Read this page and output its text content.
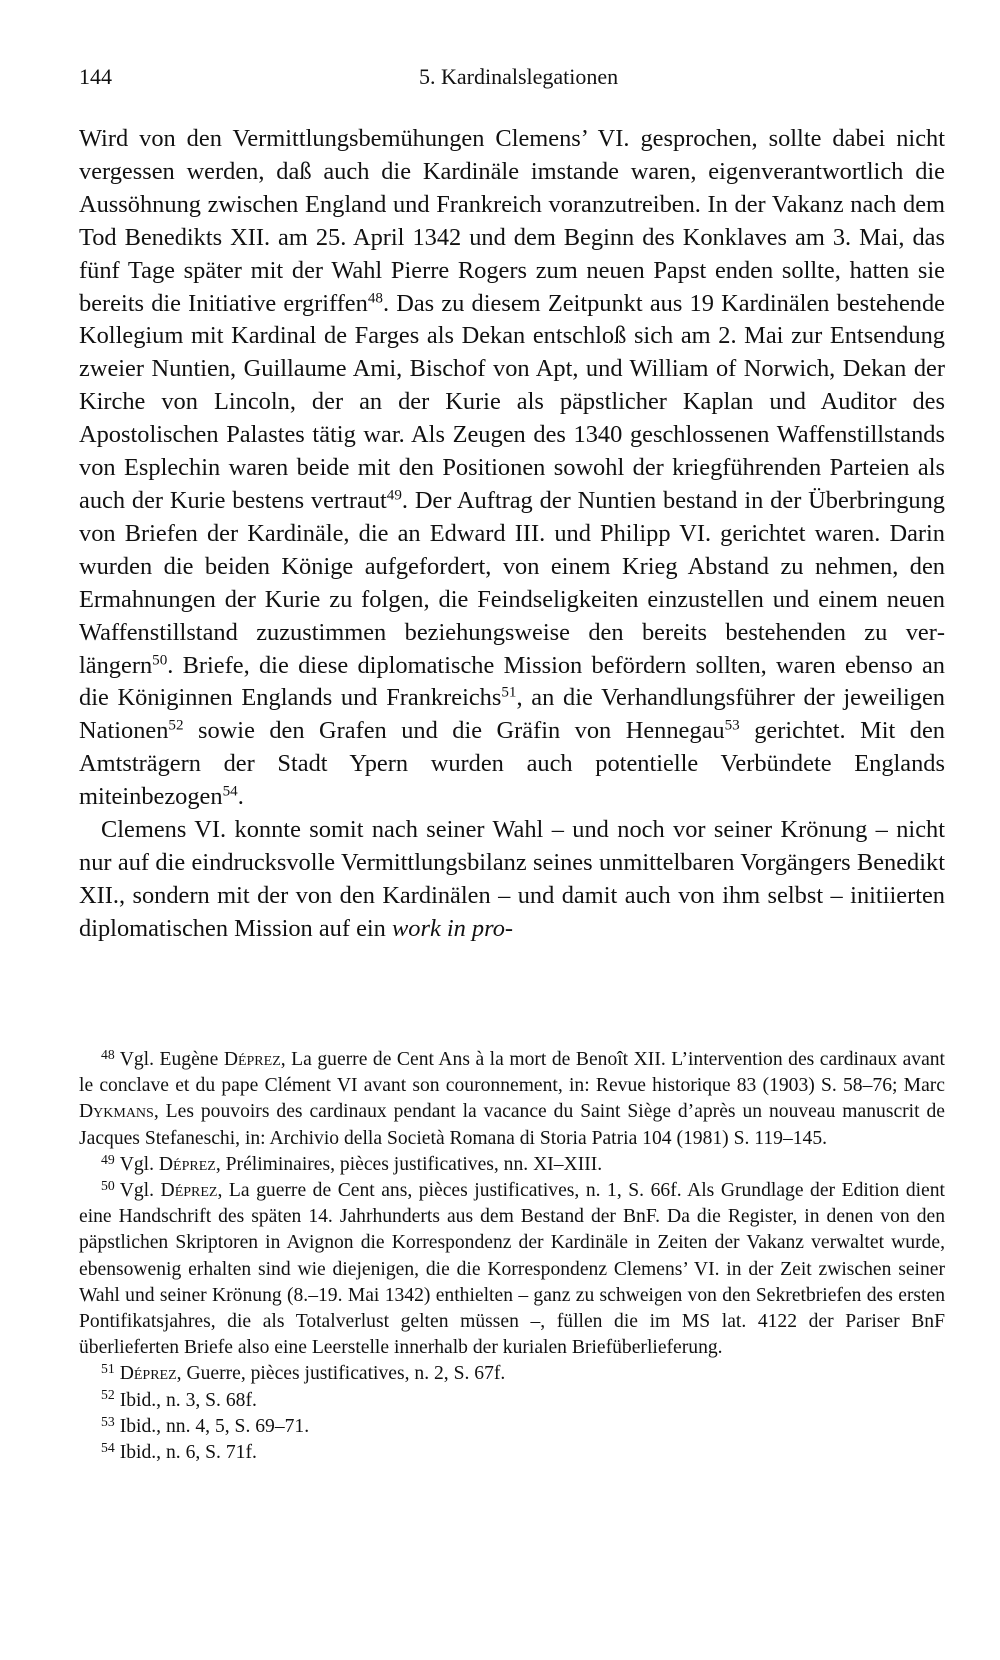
144	5. Kardinalslegationen

Wird von den Vermittlungsbemühungen Clemens’ VI. gesprochen, sollte dabei nicht vergessen werden, daß auch die Kardinäle imstande waren, eigenverantwortlich die Aussöhnung zwischen England und Frankreich voranzutreiben. In der Vakanz nach dem Tod Benedikts XII. am 25. April 1342 und dem Beginn des Konklaves am 3. Mai, das fünf Tage später mit der Wahl Pierre Rogers zum neuen Papst enden sollte, hatten sie bereits die Initiative ergriffen$^{48}$. Das zu diesem Zeitpunkt aus 19 Kardinälen bestehende Kollegium mit Kardinal de Farges als Dekan entschloß sich am 2. Mai zur Entsendung zweier Nuntien, Guillaume Ami, Bischof von Apt, und William of Norwich, Dekan der Kirche von Lincoln, der an der Kurie als päpstlicher Kaplan und Auditor des Apostolischen Palastes tätig war. Als Zeugen des 1340 geschlossenen Waffenstillstands von Esplechin waren beide mit den Positionen sowohl der kriegführenden Parteien als auch der Kurie bestens vertraut$^{49}$. Der Auftrag der Nuntien bestand in der Überbringung von Briefen der Kardinäle, die an Edward III. und Philipp VI. gerichtet waren. Darin wurden die beiden Könige aufgefordert, von einem Krieg Abstand zu nehmen, den Ermahnungen der Kurie zu folgen, die Feindseligkeiten einzustellen und einem neuen Waffenstillstand zuzustimmen beziehungsweise den bereits bestehenden zu verlängern$^{50}$. Briefe, die diese diplomatische Mission befördern sollten, waren ebenso an die Königinnen Englands und Frankreichs$^{51}$, an die Verhandlungsführer der jeweiligen Nationen$^{52}$ sowie den Grafen und die Gräfin von Hennegau$^{53}$ gerichtet. Mit den Amtsträgern der Stadt Ypern wurden auch potentielle Verbündete Englands miteinbezogen$^{54}$.

Clemens VI. konnte somit nach seiner Wahl – und noch vor seiner Krönung – nicht nur auf die eindrucksvolle Vermittlungsbilanz seines unmittelbaren Vorgängers Benedikt XII., sondern mit der von den Kardinälen – und damit auch von ihm selbst – initiierten diplomatischen Mission auf ein work in pro-

$^{48}$ Vgl. Eugène Déprez, La guerre de Cent Ans à la mort de Benoît XII. L’intervention des cardinaux avant le conclave et du pape Clément VI avant son couronnement, in: Revue historique 83 (1903) S. 58–76; Marc Dykmans, Les pouvoirs des cardinaux pendant la vacance du Saint Siège d’après un nouveau manuscrit de Jacques Stefaneschi, in: Archivio della Società Romana di Storia Patria 104 (1981) S. 119–145.

$^{49}$ Vgl. Déprez, Préliminaires, pièces justificatives, nn. XI–XIII.

$^{50}$ Vgl. Déprez, La guerre de Cent ans, pièces justificatives, n. 1, S. 66f. Als Grundlage der Edition dient eine Handschrift des späten 14. Jahrhunderts aus dem Bestand der BnF. Da die Register, in denen von den päpstlichen Skriptoren in Avignon die Korrespondenz der Kardinäle in Zeiten der Vakanz verwaltet wurde, ebensowenig erhalten sind wie diejenigen, die die Korrespondenz Clemens’ VI. in der Zeit zwischen seiner Wahl und seiner Krönung (8.–19. Mai 1342) enthielten – ganz zu schweigen von den Sekretbriefen des ersten Pontifikatsjahres, die als Totalverlust gelten müssen –, füllen die im MS lat. 4122 der Pariser BnF überlieferten Briefe also eine Leerstelle innerhalb der kurialen Briefüberlieferung.

$^{51}$ Déprez, Guerre, pièces justificatives, n. 2, S. 67f.

$^{52}$ Ibid., n. 3, S. 68f.

$^{53}$ Ibid., nn. 4, 5, S. 69–71.

$^{54}$ Ibid., n. 6, S. 71f.
